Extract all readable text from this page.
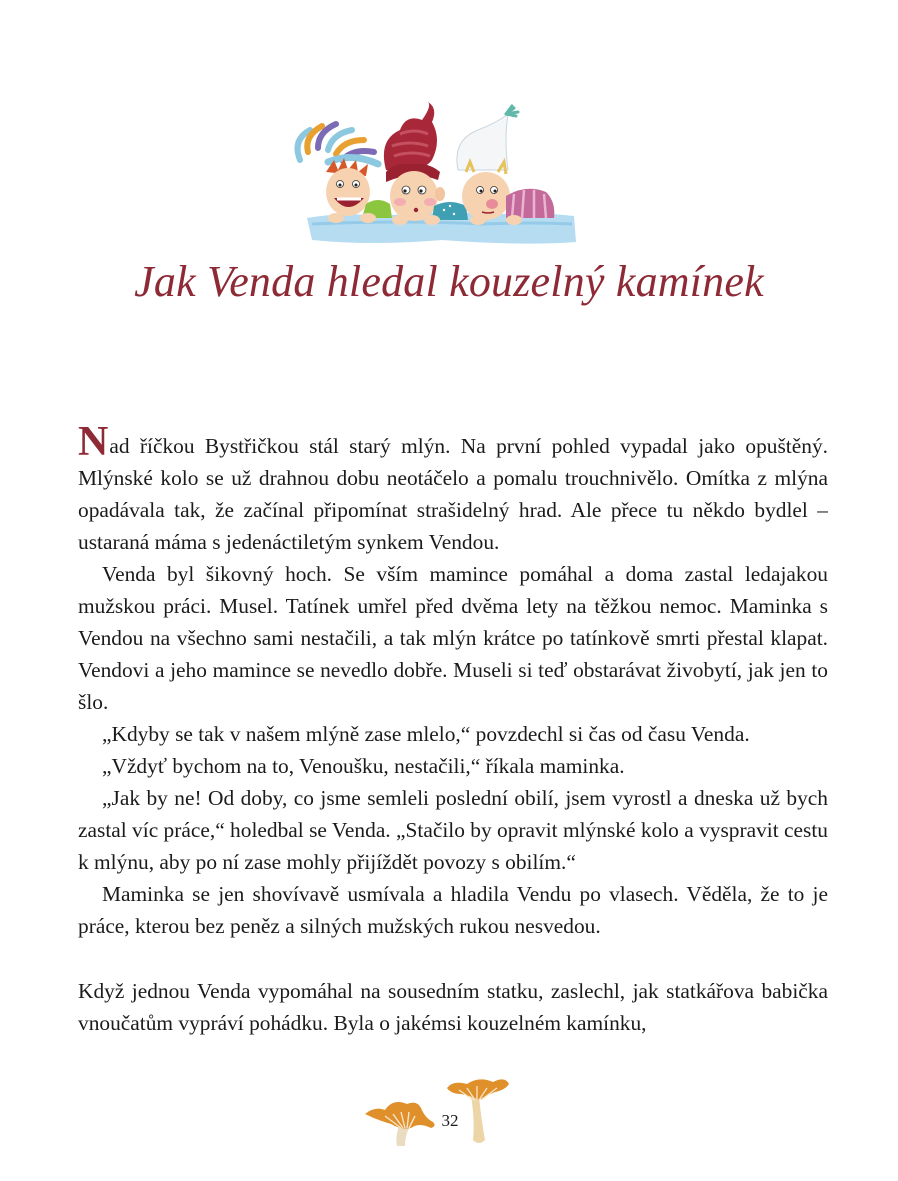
Jak Venda hledal kouzelný kamínek

Nad říčkou Bystřičkou stál starý mlýn. Na první pohled vypadal jako opuštěný. Mlýnské kolo se už drahnou dobu neotáčelo a pomalu trouchnivělo. Omítka z mlýna opadávala tak, že začínal připomínat strašidelný hrad. Ale přece tu někdo bydlel – ustaraná máma s jedenáctiletým synkem Vendou.

Venda byl šikovný hoch. Se vším mamince pomáhal a doma zastal ledajakou mužskou práci. Musel. Tatínek umřel před dvěma lety na těžkou nemoc. Maminka s Vendou na všechno sami nestačili, a tak mlýn krátce po tatínkově smrti přestal klapat. Vendovi a jeho mamince se nevedlo dobře. Museli si teď obstarávat živobytí, jak jen to šlo.

„Kdyby se tak v našem mlýně zase mlelo,“ povzdechl si čas od času Venda.

„Vždyť bychom na to, Venoušku, nestačili,“ říkala maminka.

„Jak by ne! Od doby, co jsme semleli poslední obilí, jsem vyrostl a dneska už bych zastal víc práce,“ holedbal se Venda. „Stačilo by opravit mlýnské kolo a vyspravit cestu k mlýnu, aby po ní zase mohly přijíždět povozy s obilím.“

Maminka se jen shovívavě usmívala a hladila Vendu po vlasech. Věděla, že to je práce, kterou bez peněz a silných mužských rukou nesvedou.

Když jednou Venda vypomáhal na sousedním statku, zaslechl, jak statkářova babička vnoučatům vypráví pohádku. Byla o jakémsi kouzelném kamínku,

32
